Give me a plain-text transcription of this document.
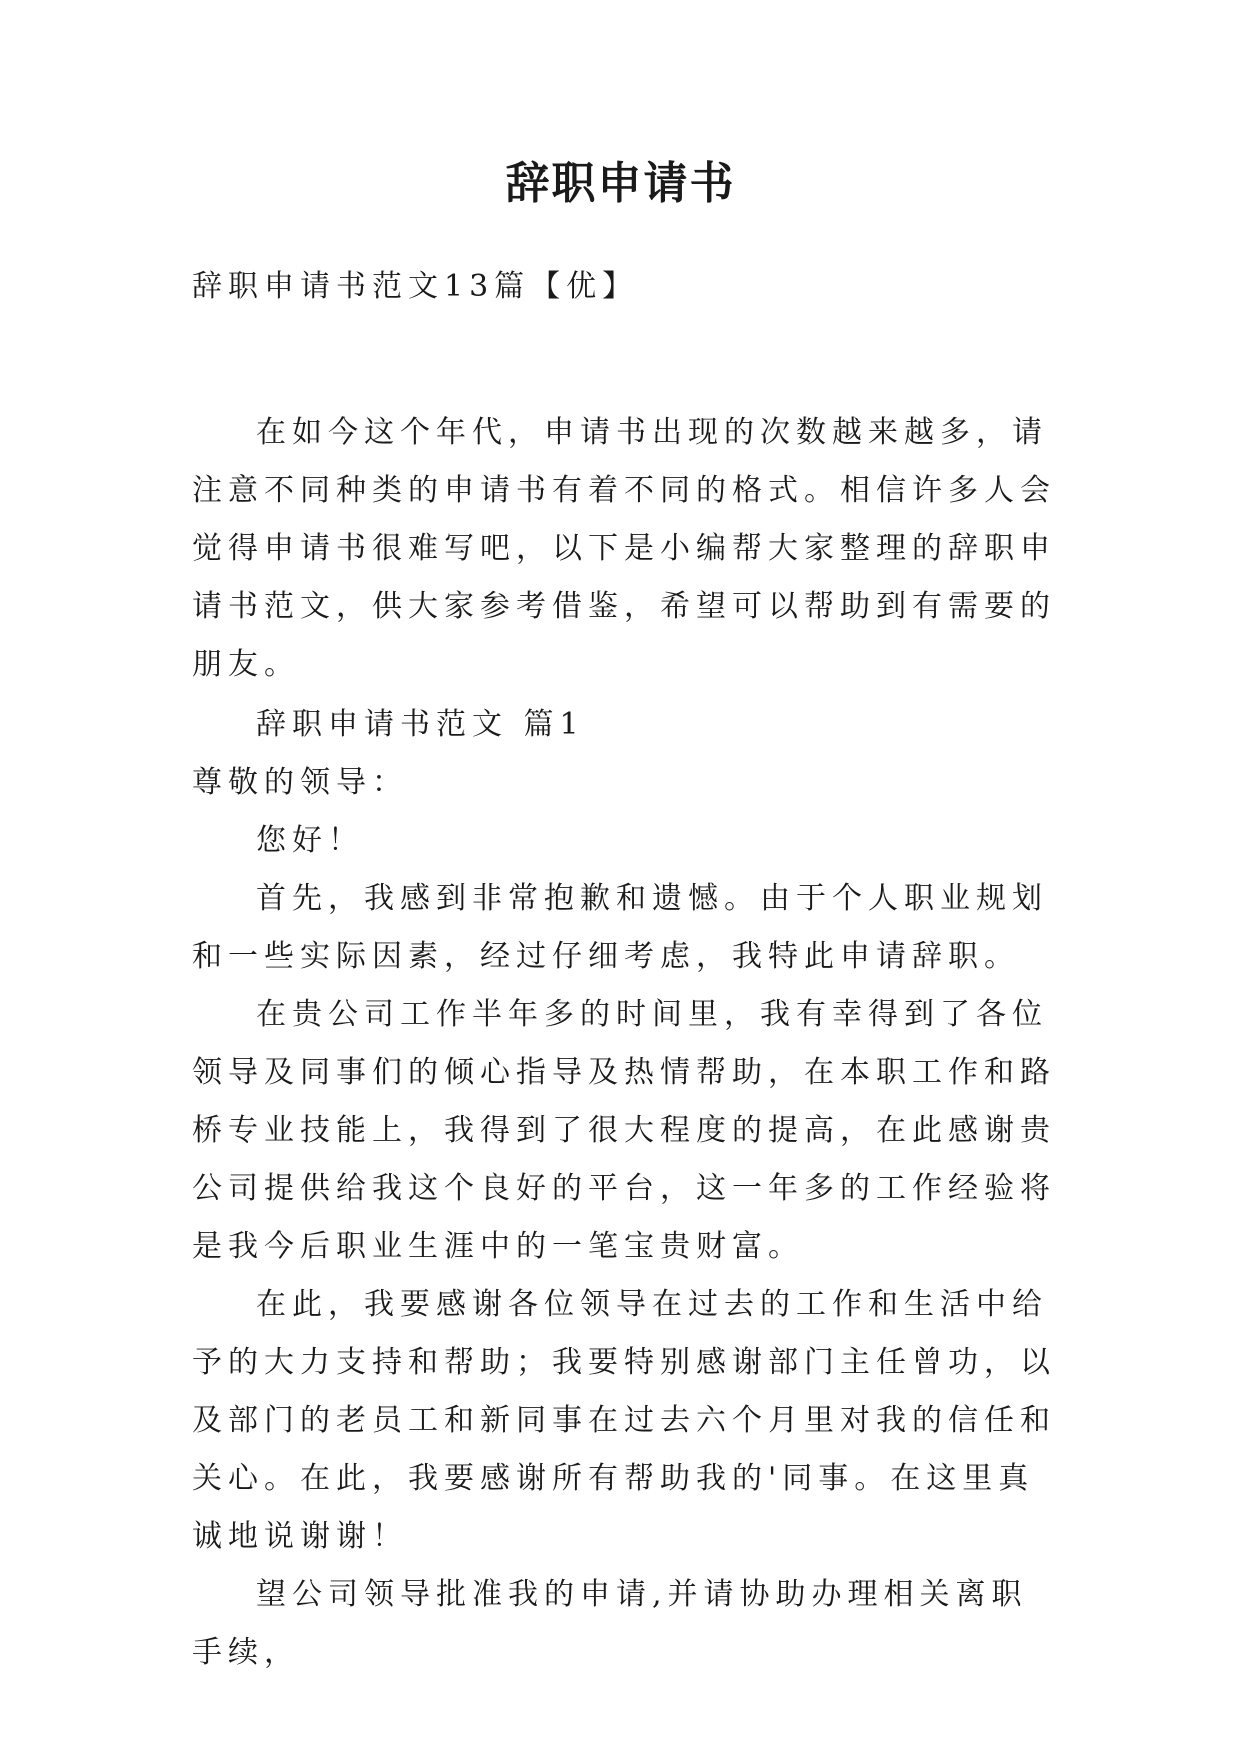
辞职申请书

辞职申请书范文13篇【优】

在如今这个年代，申请书出现的次数越来越多，请注意不同种类的申请书有着不同的格式。相信许多人会觉得申请书很难写吧，以下是小编帮大家整理的辞职申请书范文，供大家参考借鉴，希望可以帮助到有需要的朋友。

辞职申请书范文 篇1

尊敬的领导：

您好！

首先，我感到非常抱歉和遗憾。由于个人职业规划和一些实际因素，经过仔细考虑，我特此申请辞职。

在贵公司工作半年多的时间里，我有幸得到了各位领导及同事们的倾心指导及热情帮助，在本职工作和路桥专业技能上，我得到了很大程度的提高，在此感谢贵公司提供给我这个良好的平台，这一年多的工作经验将是我今后职业生涯中的一笔宝贵财富。

在此，我要感谢各位领导在过去的工作和生活中给予的大力支持和帮助；我要特别感谢部门主任曾功，以及部门的老员工和新同事在过去六个月里对我的信任和关心。在此，我要感谢所有帮助我的'同事。在这里真诚地说谢谢！

望公司领导批准我的申请,并请协助办理相关离职手续，
